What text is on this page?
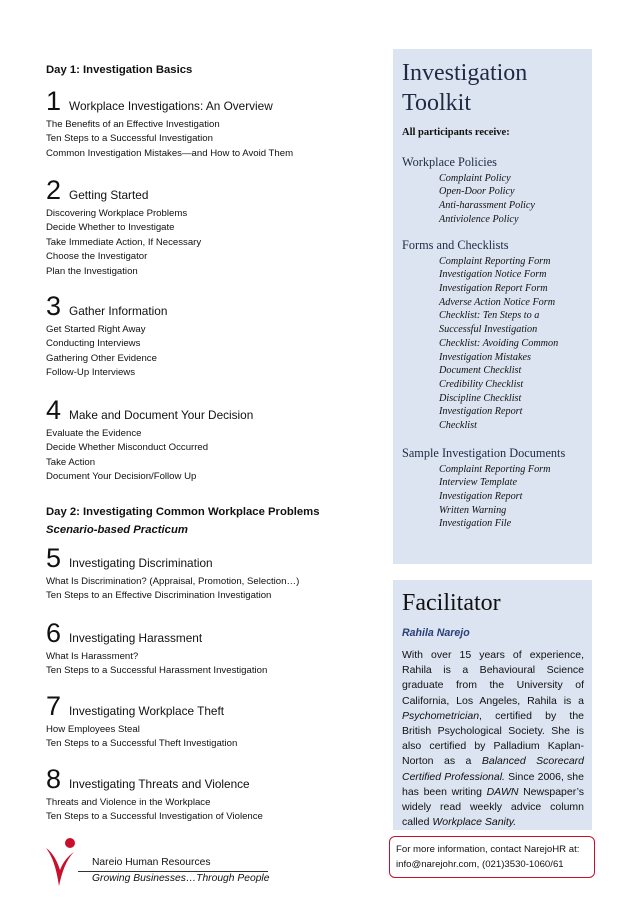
Day 1: Investigation Basics
1 Workplace Investigations: An Overview
The Benefits of an Effective Investigation
Ten Steps to a Successful Investigation
Common Investigation Mistakes—and How to Avoid Them
2 Getting Started
Discovering Workplace Problems
Decide Whether to Investigate
Take Immediate Action, If Necessary
Choose the Investigator
Plan the Investigation
3 Gather Information
Get Started Right Away
Conducting Interviews
Gathering Other Evidence
Follow-Up Interviews
4 Make and Document Your Decision
Evaluate the Evidence
Decide Whether Misconduct Occurred
Take Action
Document Your Decision/Follow Up
Day 2: Investigating Common Workplace Problems
Scenario-based Practicum
5 Investigating Discrimination
What Is Discrimination? (Appraisal, Promotion, Selection…)
Ten Steps to an Effective Discrimination Investigation
6 Investigating Harassment
What Is Harassment?
Ten Steps to a Successful Harassment Investigation
7 Investigating Workplace Theft
How Employees Steal
Ten Steps to a Successful Theft Investigation
8 Investigating Threats and Violence
Threats and Violence in the Workplace
Ten Steps to a Successful Investigation of Violence
Investigation
Toolkit
All participants receive:
Workplace Policies
Complaint Policy
Open-Door Policy
Anti-harassment Policy
Antiviolence Policy
Forms and Checklists
Complaint Reporting Form
Investigation Notice Form
Investigation Report Form
Adverse Action Notice Form
Checklist: Ten Steps to a
Successful Investigation
Checklist: Avoiding Common
Investigation Mistakes
Document Checklist
Credibility Checklist
Discipline Checklist
Investigation Report
Checklist
Sample Investigation Documents
Complaint Reporting Form
Interview Template
Investigation Report
Written Warning
Investigation File
Facilitator
Rahila Narejo
With over 15 years of experience, Rahila is a Behavioural Science graduate from the University of California, Los Angeles, Rahila is a Psychometrician, certified by the British Psychological Society. She is also certified by Palladium Kaplan-Norton as a Balanced Scorecard Certified Professional. Since 2006, she has been writing DAWN Newspaper’s widely read weekly advice column called Workplace Sanity.
For more information, contact NarejoHR at:
info@narejohr.com, (021)3530-1060/61
Nareio Human Resources
Growing Businesses…Through People
